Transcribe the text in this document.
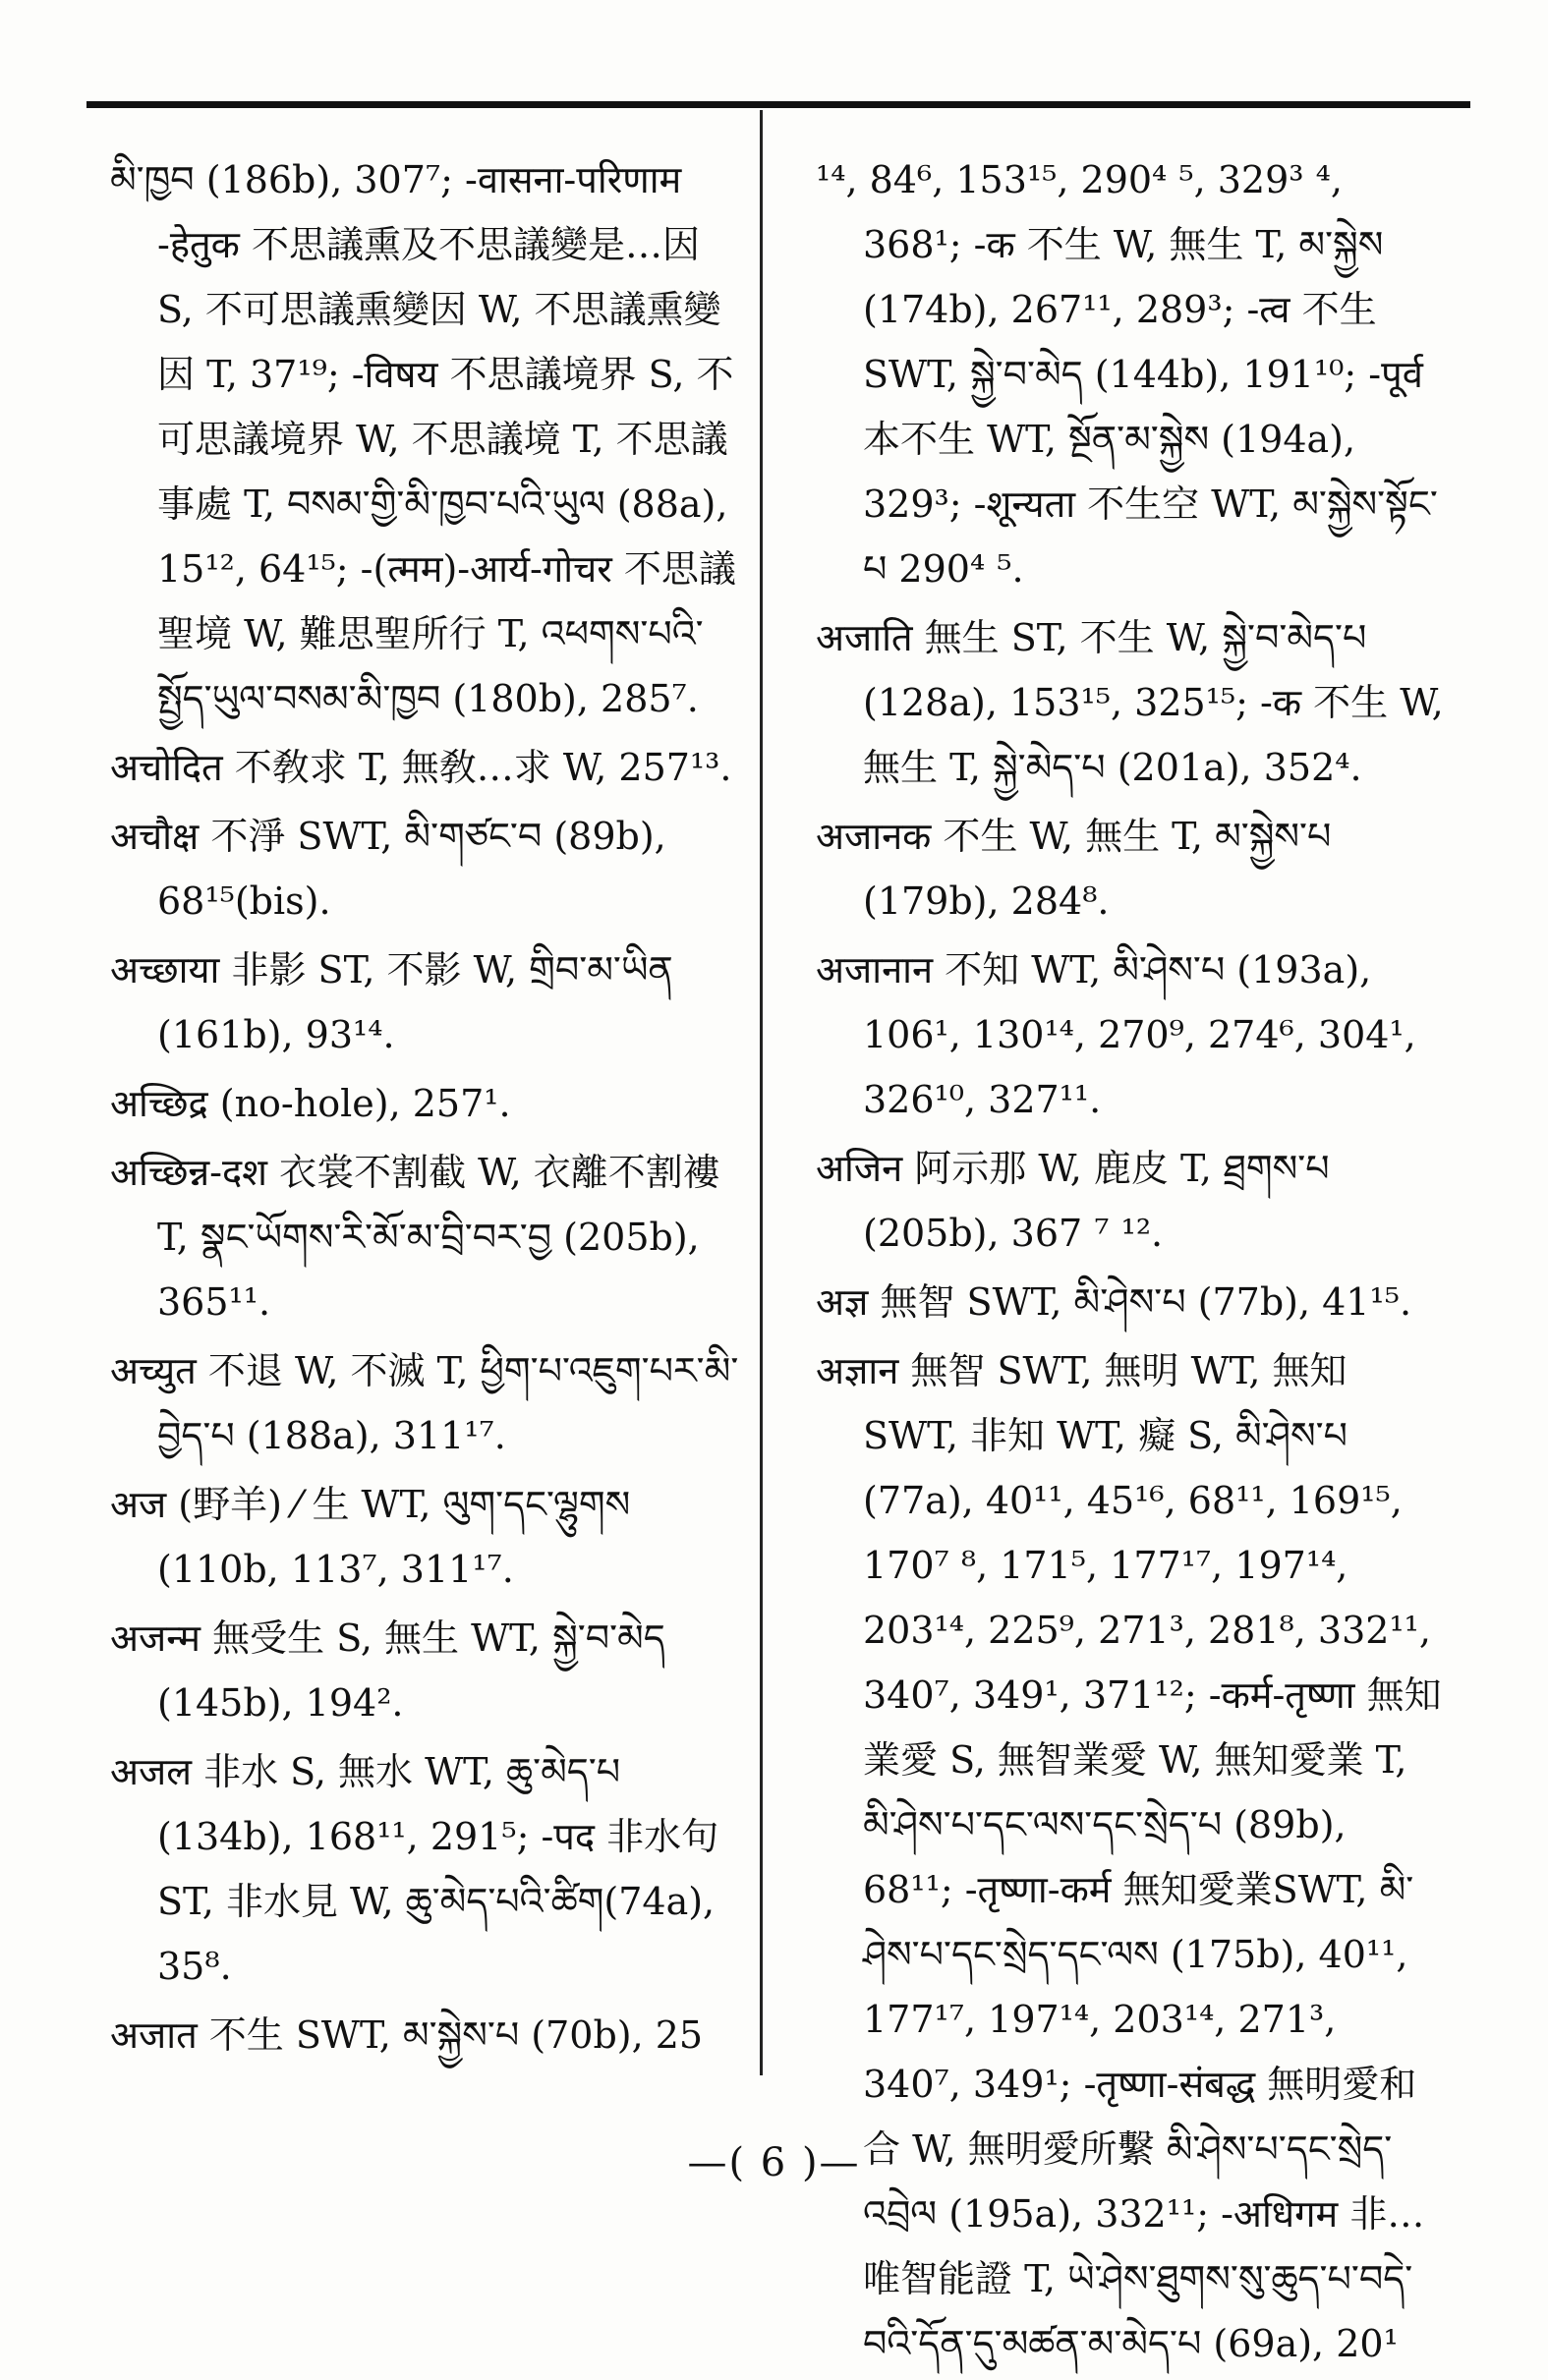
མི་ཁྱབ (186b), 307⁷; -वासना-परिणाम -हेतुक 不思議熏及不思議變是…因 S, 不可思議熏變因 W, 不思議熏變因 T, 37¹⁹; -विषय 不思議境界 S, 不可思議境界 W, 不思議境 T, 不思議事處 T, བསམ་གྱི་མི་ཁྱབ་པའི་ཡུལ (88a), 15¹², 64¹⁵; -(त्मम)-आर्य-गोचर 不思議聖境 W, 難思聖所行 T, འཕགས་པའི་སྤྱོད་ཡུལ་བསམ་མི་ཁྱབ (180b), 285⁷.

अचोदित 不敎求 T, 無敎…求 W, 257¹³.

अचौक्ष 不淨 SWT, མི་གཙང་བ (89b), 68¹⁵(bis).

अच्छाया 非影 ST, 不影 W, གྲིབ་མ་ཡིན (161b), 93¹⁴.

अच्छिद्र (no-hole), 257¹.

अच्छिन्न-दश 衣裳不割截 W, 衣離不割褸 T, སྣང་ཡོགས་རི་མོ་མ་བྲི་བར་བྱ (205b), 365¹¹.

अच्युत 不退 W, 不滅 T, ཕྱིག་པ་འཇུག་པར་མི་བྱེད་པ (188a), 311¹⁷.

अज (野羊) ⁄ 生 WT, ལུག་དང་ལྷུགས (110b, 113⁷, 311¹⁷.

अजन्म 無受生 S, 無生 WT, སྐྱེ་བ་མེད (145b), 194².

अजल 非水 S, 無水 WT, ཆུ་མེད་པ (134b), 168¹¹, 291⁵; -पद 非水句 ST, 非水見 W, ཆུ་མེད་པའི་ཚིག(74a), 35⁸.

अजात 不生 SWT, མ་སྐྱེས་པ (70b), 25

¹⁴, 84⁶, 153¹⁵, 290⁴ ⁵, 329³ ⁴, 368¹; -क 不生 W, 無生 T, མ་སྐྱེས (174b), 267¹¹, 289³; -त्व 不生 SWT, སྐྱེ་བ་མེད (144b), 191¹⁰; -पूर्व 本不生 WT, སྔོན་མ་སྐྱེས (194a), 329³; -शून्यता 不生空 WT, མ་སྐྱེས་སྟོང་པ 290⁴ ⁵.

अजाति 無生 ST, 不生 W, སྐྱེ་བ་མེད་པ (128a), 153¹⁵, 325¹⁵; -क 不生 W, 無生 T, སྐྱེ་མེད་པ (201a), 352⁴.

अजानक 不生 W, 無生 T, མ་སྐྱེས་པ (179b), 284⁸.

अजानान 不知 WT, མི་ཤེས་པ (193a), 106¹, 130¹⁴, 270⁹, 274⁶, 304¹, 326¹⁰, 327¹¹.

अजिन 阿示那 W, 鹿皮 T, ཐྲགས་པ (205b), 367 ⁷ ¹².

अज्ञ 無智 SWT, མི་ཤེས་པ (77b), 41¹⁵.

अज्ञान 無智 SWT, 無明 WT, 無知 SWT, 非知 WT, 癡 S, མི་ཤེས་པ (77a), 40¹¹, 45¹⁶, 68¹¹, 169¹⁵, 170⁷ ⁸, 171⁵, 177¹⁷, 197¹⁴, 203¹⁴, 225⁹, 271³, 281⁸, 332¹¹, 340⁷, 349¹, 371¹²; -कर्म-तृष्णा 無知業愛 S, 無智業愛 W, 無知愛業 T, མི་ཤེས་པ་དང་ལས་དང་སྲེད་པ (89b), 68¹¹; -तृष्णा-कर्म 無知愛業SWT, མི་ཤེས་པ་དང་སྲེད་དང་ལས (175b), 40¹¹, 177¹⁷, 197¹⁴, 203¹⁴, 271³, 340⁷, 349¹; -तृष्णा-संबद्ध 無明愛和合 W, 無明愛所繫 མི་ཤེས་པ་དང་སྲེད་འབྲེལ (195a), 332¹¹; -अधिगम 非…唯智能證 T, ཡེ་ཤེས་ཐུགས་སུ་ཆུད་པ་བདེ་བའི་དོན་དུ་མཚན་མ་མེད་པ (69a), 20¹

—( 6 )—
